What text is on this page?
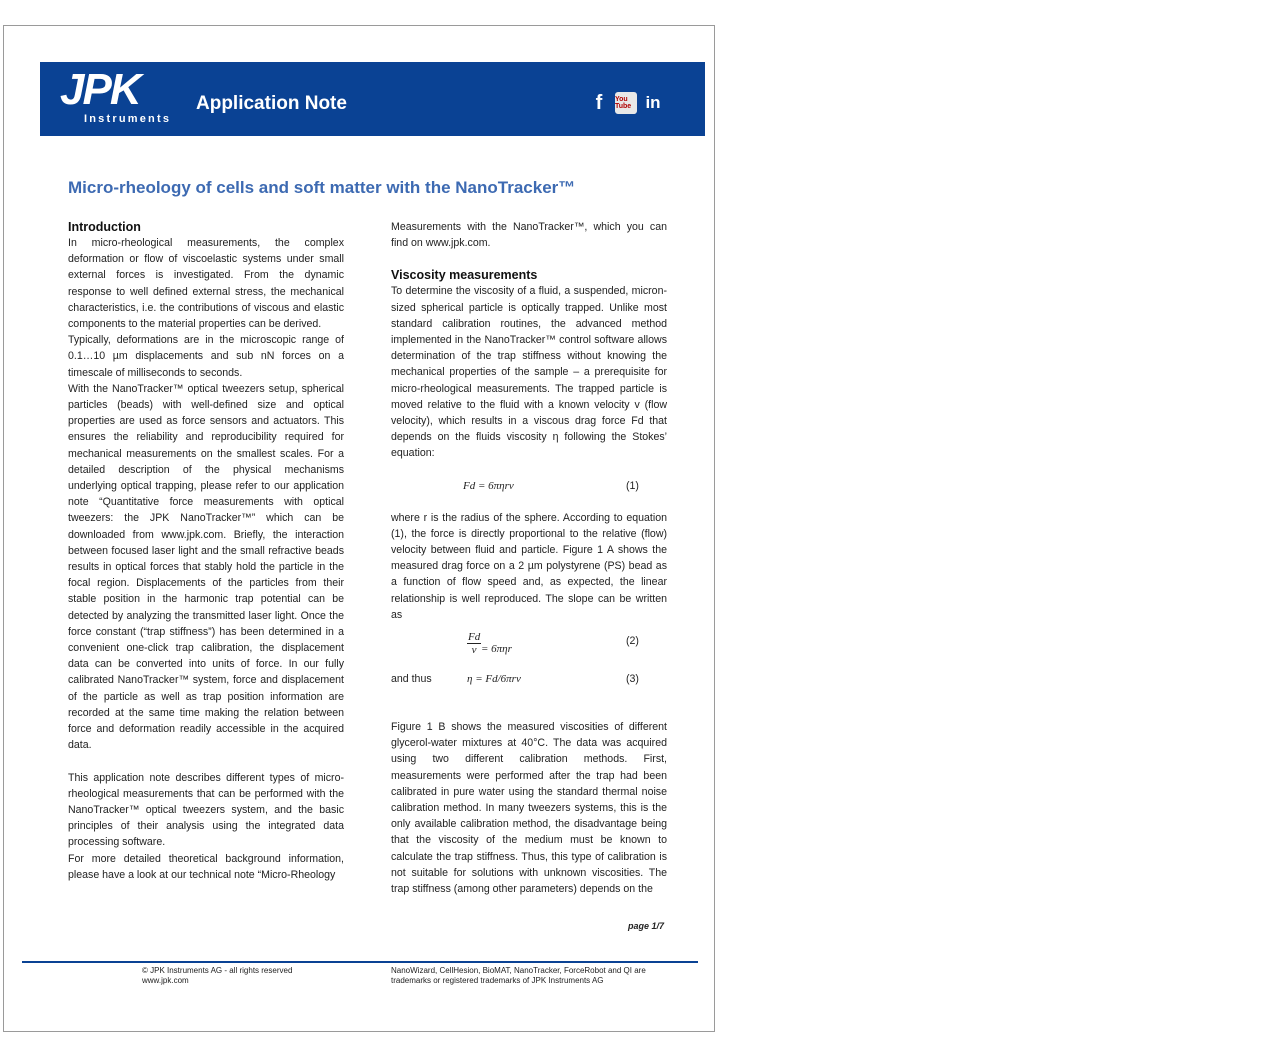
JPK
Instruments
Application Note	f	You Tube in
Micro-rheology of cells and soft matter with the NanoTracker™
Introduction

In micro-rheological measurements, the complex deformation or flow of viscoelastic systems under small external forces is investigated. From the dynamic response to well defined external stress, the mechanical characteristics, i.e. the contributions of viscous and elastic components to the material properties can be derived.

Typically, deformations are in the microscopic range of 0.1…10 µm displacements and sub nN forces on a timescale of milliseconds to seconds.

With the NanoTracker™ optical tweezers setup, spherical particles (beads) with well-defined size and optical properties are used as force sensors and actuators. This ensures the reliability and reproducibility required for mechanical measurements on the smallest scales. For a detailed description of the physical mechanisms underlying optical trapping, please refer to our application note “Quantitative force measurements with optical tweezers: the JPK NanoTracker™” which can be downloaded from www.jpk.com. Briefly, the interaction between focused laser light and the small refractive beads results in optical forces that stably hold the particle in the focal region. Displacements of the particles from their stable position in the harmonic trap potential can be detected by analyzing the transmitted laser light. Once the force constant (“trap stiffness”) has been determined in a convenient one-click trap calibration, the displacement data can be converted into units of force. In our fully calibrated NanoTracker™ system, force and displacement of the particle as well as trap position information are recorded at the same time making the relation between force and deformation readily accessible in the acquired data.

This application note describes different types of micro-rheological measurements that can be performed with the NanoTracker™ optical tweezers system, and the basic principles of their analysis using the integrated data processing software.

For more detailed theoretical background information, please have a look at our technical note “Micro-Rheology

Measurements with the NanoTracker™, which you can find on www.jpk.com.

Viscosity measurements

To determine the viscosity of a fluid, a suspended, micron-sized spherical particle is optically trapped. Unlike most standard calibration routines, the advanced method implemented in the NanoTracker™ control software allows determination of the trap stiffness without knowing the mechanical properties of the sample – a prerequisite for micro-rheological measurements. The trapped particle is moved relative to the fluid with a known velocity v (flow velocity), which results in a viscous drag force Fd that depends on the fluids viscosity η following the Stokes’ equation:

Fd = 6πηrv	(1)

where r is the radius of the sphere. According to equation (1), the force is directly proportional to the relative (flow) velocity between fluid and particle. Figure 1 A shows the measured drag force on a 2 µm polystyrene (PS) bead as a function of flow speed and, as expected, the linear relationship is well reproduced. The slope can be written as

$\frac{Fd}{v} = 6\pi\eta r$
(2)
and thus	η = Fd/6πrv	(3)

Figure 1 B shows the measured viscosities of different glycerol-water mixtures at 40°C. The data was acquired using two different calibration methods. First, measurements were performed after the trap had been calibrated in pure water using the standard thermal noise calibration method. In many tweezers systems, this is the only available calibration method, the disadvantage being that the viscosity of the medium must be known to calculate the trap stiffness. Thus, this type of calibration is not suitable for solutions with unknown viscosities. The trap stiffness (among other parameters) depends on the

page 1/7
© JPK Instruments AG - all rights reserved
www.jpk.com
NanoWizard, CellHesion, BioMAT, NanoTracker, ForceRobot and QI are trademarks or registered trademarks of JPK Instruments AG
